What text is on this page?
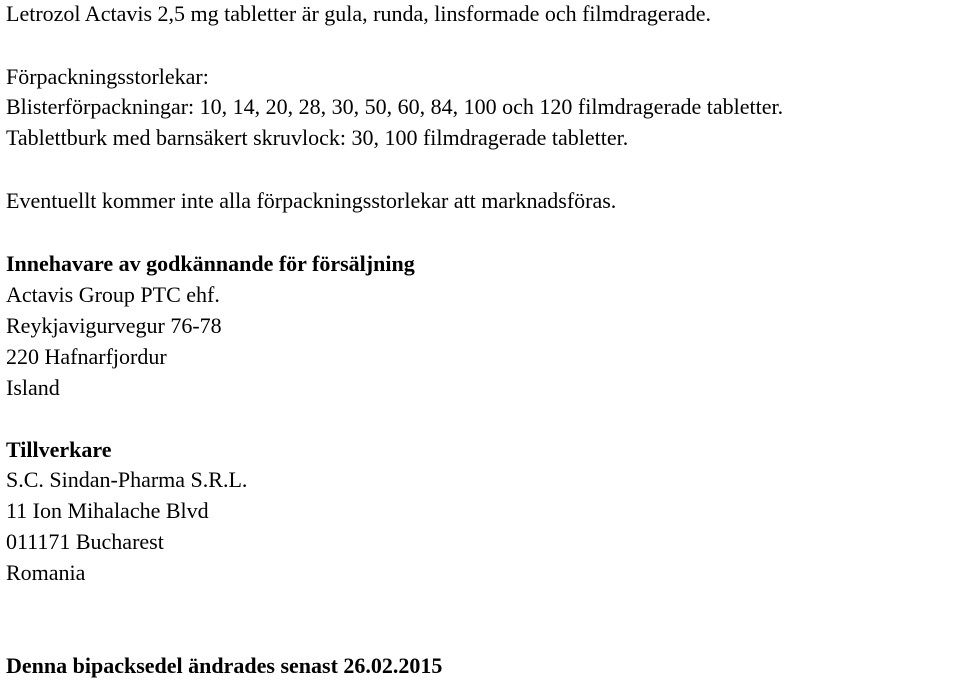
Letrozol Actavis 2,5 mg tabletter är gula, runda, linsformade och filmdragerade.

Förpackningsstorlekar:

Blisterförpackningar: 10, 14, 20, 28, 30, 50, 60, 84, 100 och 120 filmdragerade tabletter.

Tablettburk med barnsäkert skruvlock: 30, 100 filmdragerade tabletter.

Eventuellt kommer inte alla förpackningsstorlekar att marknadsföras.

Innehavare av godkännande för försäljning

Actavis Group PTC ehf.

Reykjavigurvegur 76-78

220 Hafnarfjordur

Island

Tillverkare

S.C. Sindan-Pharma S.R.L.

11 Ion Mihalache Blvd

011171 Bucharest

Romania

Denna bipacksedel ändrades senast 26.02.2015
